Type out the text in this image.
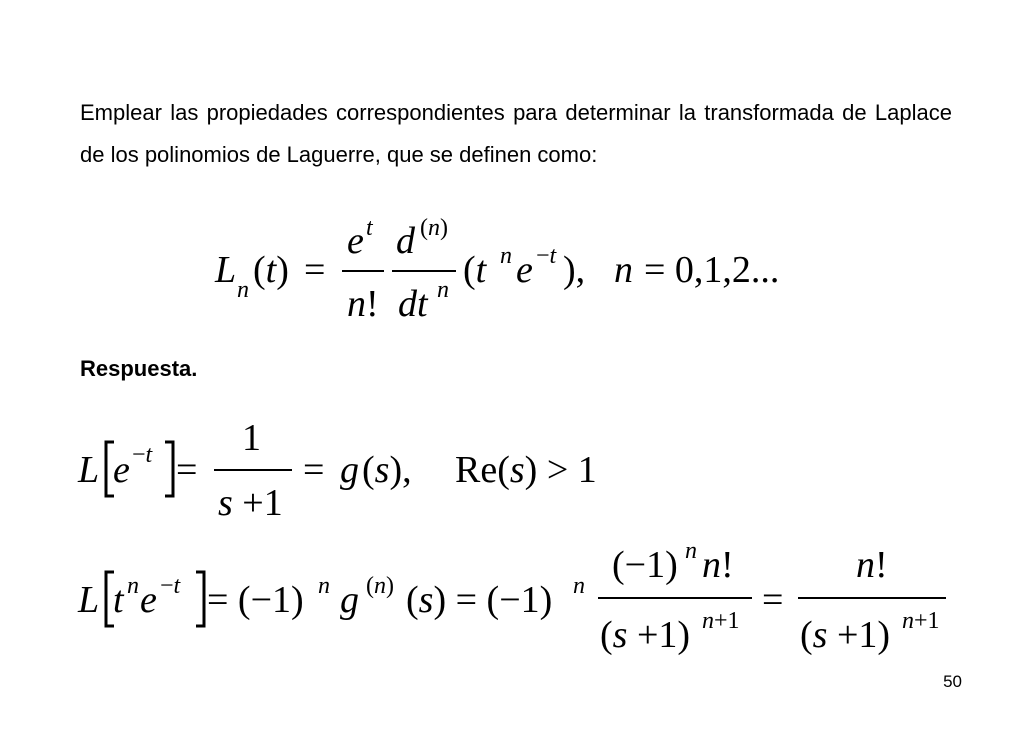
Emplear las propiedades correspondientes para determinar la transformada de Laplace de los polinomios de Laguerre, que se definen como:

L n (t) =
e t
n!
d (n)
dt n (t n e −t ), n = 0,1,2...
Respuesta.
L e −t =
1
s +1
= g (s), Re(s) > 1
L t n e −t = (−1) n g (n) (s) = (−1) n (−1) n n!
(s +1) n+1 =
n!
(s +1) n+1
50
